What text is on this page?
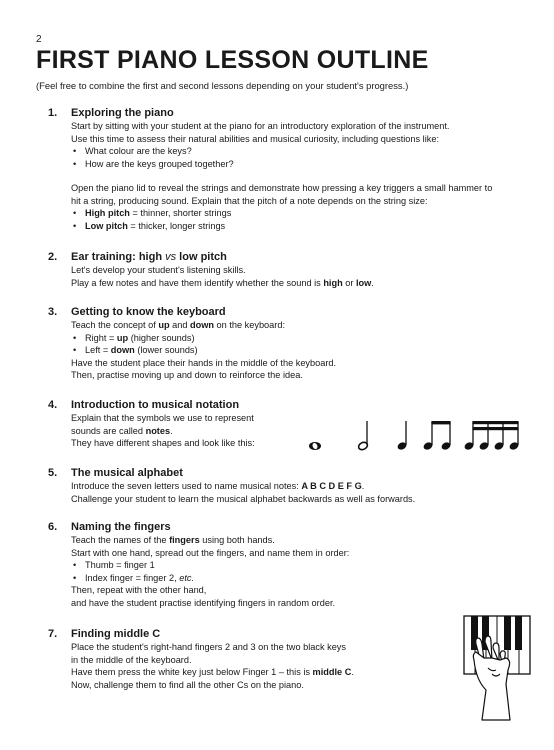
2
FIRST PIANO LESSON OUTLINE
(Feel free to combine the first and second lessons depending on your student's progress.)
1. Exploring the piano
Start by sitting with your student at the piano for an introductory exploration of the instrument.
Use this time to assess their natural abilities and musical curiosity, including questions like:
• What colour are the keys?
• How are the keys grouped together?
Open the piano lid to reveal the strings and demonstrate how pressing a key triggers a small hammer to
hit a string, producing sound. Explain that the pitch of a note depends on the string size:
• High pitch = thinner, shorter strings
• Low pitch = thicker, longer strings
2. Ear training: high vs low pitch
Let's develop your student's listening skills.
Play a few notes and have them identify whether the sound is high or low.
3. Getting to know the keyboard
Teach the concept of up and down on the keyboard:
• Right = up (higher sounds)
• Left = down (lower sounds)
Have the student place their hands in the middle of the keyboard.
Then, practise moving up and down to reinforce the idea.
4. Introduction to musical notation
Explain that the symbols we use to represent
sounds are called notes.
They have different shapes and look like this:
5. The musical alphabet
Introduce the seven letters used to name musical notes: A B C D E F G.
Challenge your student to learn the musical alphabet backwards as well as forwards.
6. Naming the fingers
Teach the names of the fingers using both hands.
Start with one hand, spread out the fingers, and name them in order:
• Thumb = finger 1
• Index finger = finger 2, etc.
Then, repeat with the other hand,
and have the student practise identifying fingers in random order.
7. Finding middle C
Place the student's right-hand fingers 2 and 3 on the two black keys
in the middle of the keyboard.
Have them press the white key just below Finger 1 – this is middle C.
Now, challenge them to find all the other Cs on the piano.
